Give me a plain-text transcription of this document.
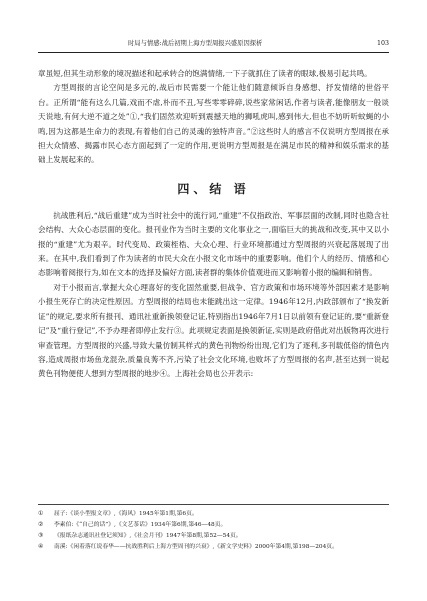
时局与情感:战后初期上海方型周报兴盛原因探析	103

章虽短,但其生动形象的境况描述和起承转合的饱满情绪,一下子就抓住了读者的眼球,极易引起共鸣。

方型周报的言论空间是多元的,战后市民需要一个能让他们随意倾诉自身感想、抒发情绪的世俗平台。正所谓“能有这么几篇,戏而不虐,朴而不丑,写些零零碎碎,说些家常闲话,作者与读者,能像朋友一般谈天说地,有何大逆不道之处”①,“我们固然欢迎听到震撼天地的狮吼虎叫,感到伟大,但也不妨听听蚊蝇的小鸣,因为这都是生命力的表现,有着他们自己的灵魂的独特声音。”②这些时人的感言不仅说明方型周报在承担大众情感、揭露市民心态方面起到了一定的作用,更说明方型周报是在满足市民的精神和娱乐需求的基础上发展起来的。

四、结 语

抗战胜利后,“战后重建”成为当时社会中的流行词,“重建”不仅指政治、军事层面的改制,同时也隐含社会结构、大众心态层面的变化。报刊业作为当时主要的文化事业之一,面临巨大的挑战和改变,其中又以小报的“重建”尤为艰辛。时代变局、政策桎梏、大众心理、行业环境都通过方型周报的兴衰起落展现了出来。在其中,我们看到了作为读者的市民大众在小报文化市场中的重要影响。他们个人的经历、情感和心态影响着阅报行为,如在文本的选择及偏好方面,读者群的集体价值观进而又影响着小报的编辑和销售。

对于小报而言,掌握大众心理喜好的变化固然重要,但战争、官方政策和市场环境等外部因素才是影响小报生死存亡的决定性原因。方型周报的结局也未能跳出这一定律。1946年12月,内政部颁布了“换发新证”的规定,要求所有报刊、通讯社重新换领登记证,特别指出1946年7月1日以前领有登记证的,要“重新登记”及“重行登记”,不予办理者即停止发行③。此项规定表面是换领新证,实则是政府借此对出版物再次进行审查管理。方型周报的兴盛,导致大量仿制其样式的黄色刊物纷纷出现,它们为了逐利,多刊载低俗的情色内容,造成周报市场鱼龙混杂,质量良莠不齐,污染了社会文化环境,也败坏了方型周报的名声,甚至达到一说起黄色刊物便使人想到方型周报的地步④。上海社会局也公开表示:

①	屈子:《谈小型报文章》,《海风》1945年第1期,第6页。
②	李素伯:《“自己的话”》,《文艺茶话》1934年第6期,第46—48页。
③	《报纸杂志通讯社登记须知》,《社会月刊》1947年第8期,第52—54页。
④	南溪:《闲着落红说春华——抗战胜利后上海方型周刊的兴衰》,《新文学史料》2000年第4期,第198—204页。
